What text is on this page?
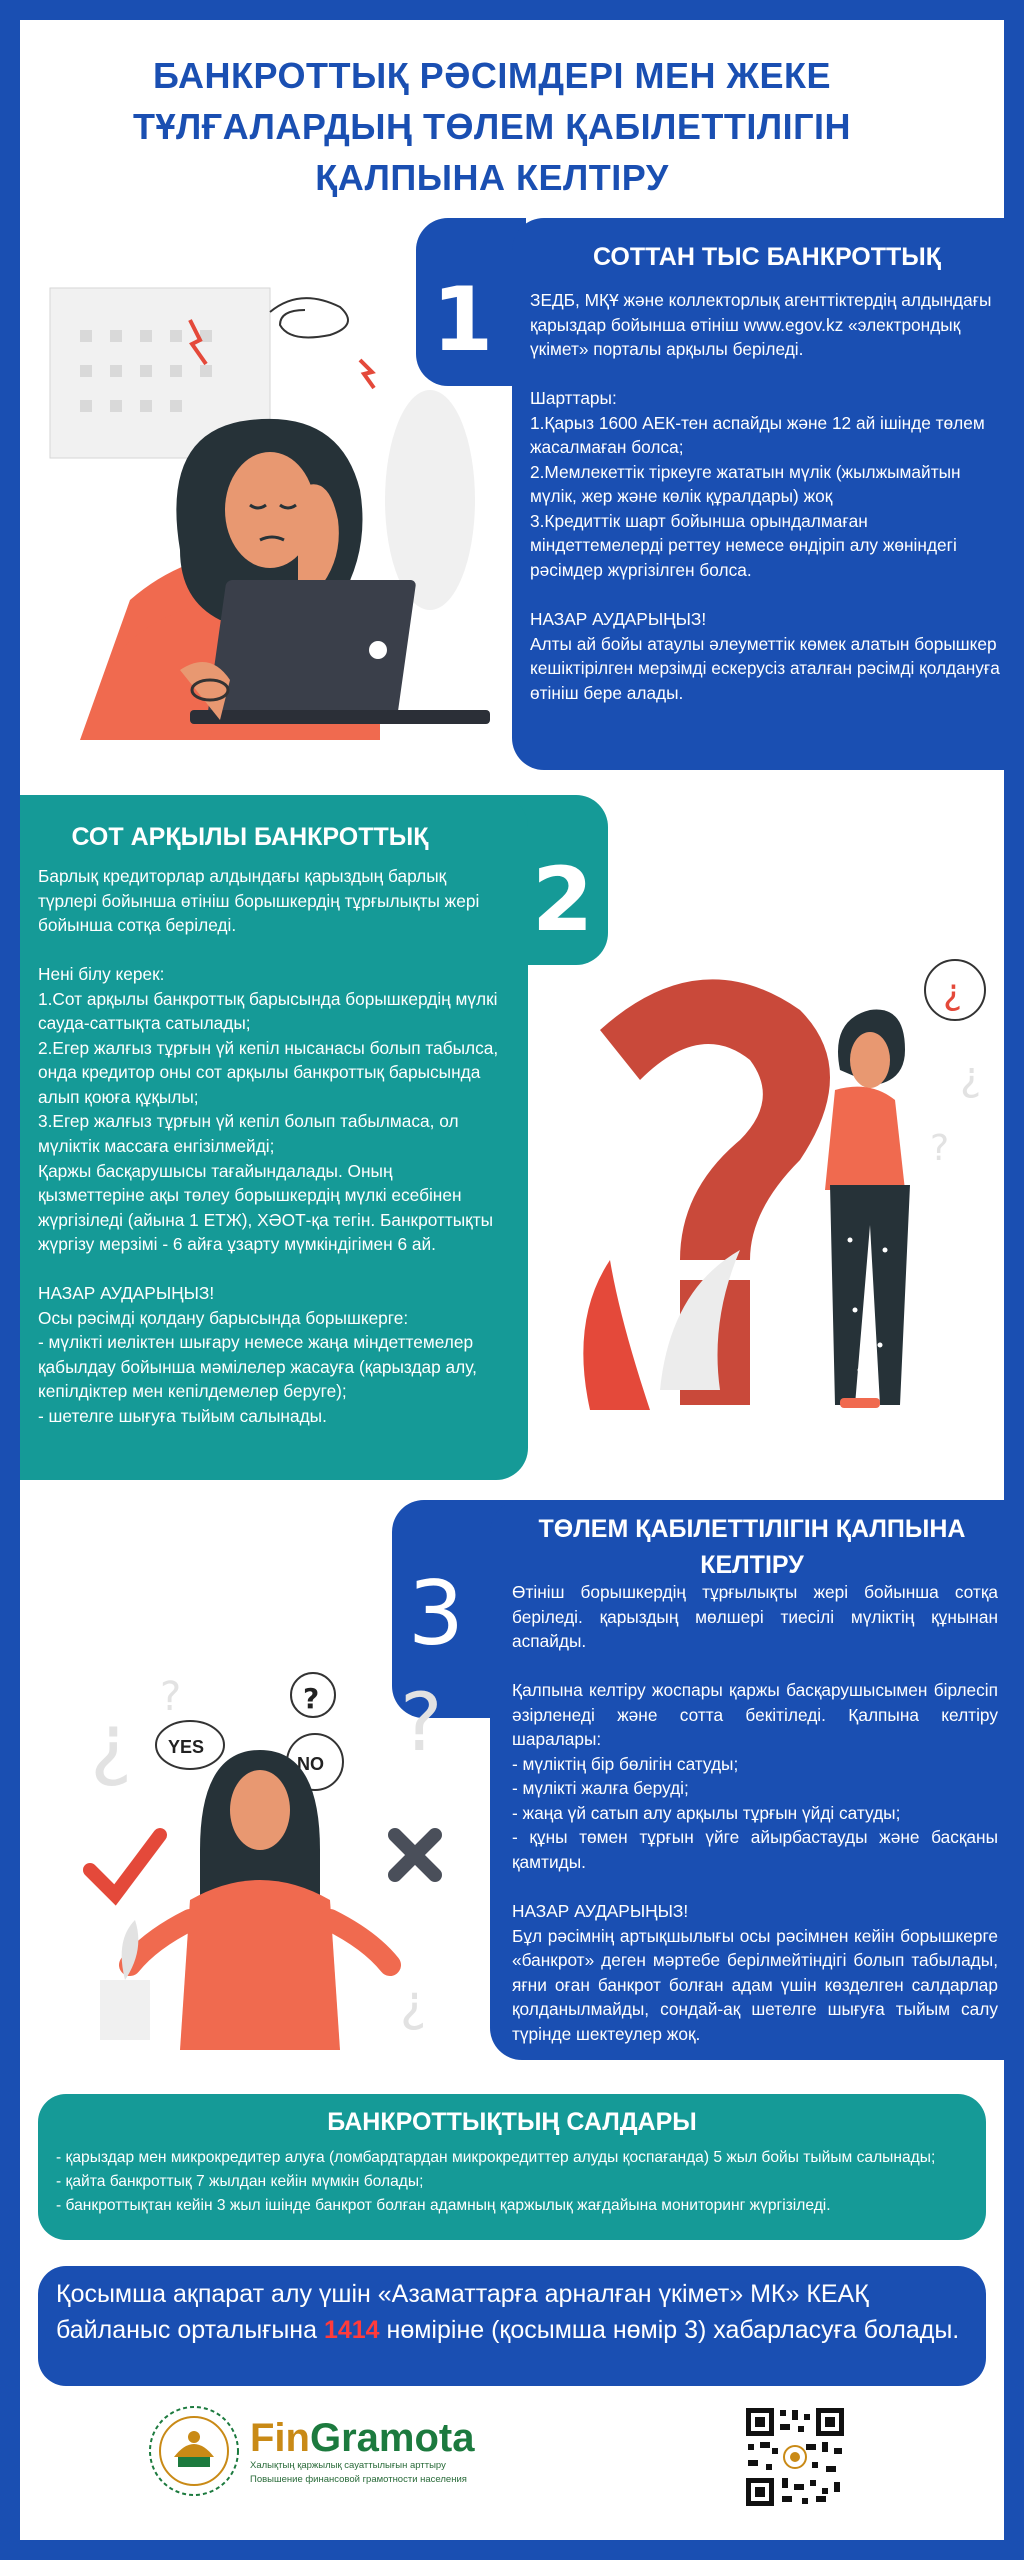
БАНКРОТТЫҚ РӘСІМДЕРІ МЕН ЖЕКЕ ТҰЛҒАЛАРДЫҢ ТӨЛЕМ ҚАБІЛЕТТІЛІГІН ҚАЛПЫНА КЕЛТІРУ
1
СОТТАН ТЫС БАНКРОТТЫҚ

ЗЕДБ, МҚҰ және коллекторлық агенттіктердің алдындағы қарыздар бойынша өтініш www.egov.kz «электрондық үкімет» порталы арқылы беріледі.

Шарттары:
1.Қарыз 1600 АЕК-тен аспайды және 12 ай ішінде төлем жасалмаған болса;
2.Мемлекеттік тіркеуге жататын мүлік (жылжымайтын мүлік, жер және көлік құралдары) жоқ
3.Кредиттік шарт бойынша орындалмаған міндеттемелерді реттеу немесе өндіріп алу жөніндегі рәсімдер жүргізілген болса.

НАЗАР АУДАРЫҢЫЗ!
Алты ай бойы атаулы әлеуметтік көмек алатын борышкер кешіктірілген мерзімді ескерусіз аталған рәсімді қолдануға өтініш бере алады.

2
СОТ АРҚЫЛЫ БАНКРОТТЫҚ

Барлық кредиторлар алдындағы қарыздың барлық түрлері бойынша өтініш борышкердің тұрғылықты жері бойынша сотқа беріледі.

Нені білу керек:
1.Сот арқылы банкроттық барысында борышкердің мүлкі сауда-саттықта сатылады;
2.Егер жалғыз тұрғын үй кепіл нысанасы болып табылса, онда кредитор оны сот арқылы банкроттық барысында алып қоюға құқылы;
3.Егер жалғыз тұрғын үй кепіл болып табылмаса, ол мүліктік массаға енгізілмейді;
Қаржы басқарушысы тағайындалады. Оның қызметтеріне ақы төлеу борышкердің мүлкі есебінен жүргізіледі (айына 1 ЕТЖ), ХӘОТ-қа тегін. Банкроттықты жүргізу мерзімі - 6 айға ұзарту мүмкіндігімен 6 ай.

НАЗАР АУДАРЫҢЫЗ!
Осы рәсімді қолдану барысында борышкерге:
- мүлікті иеліктен шығару немесе жаңа міндеттемелер қабылдау бойынша мәмілелер жасауға (қарыздар алу, кепілдіктер мен кепілдемелер беруге);
- шетелге шығуға тыйым салынады.

¿
¿
?
3
ТӨЛЕМ ҚАБІЛЕТТІЛІГІН ҚАЛПЫНА КЕЛТІРУ

Өтініш борышкердің тұрғылықты жері бойынша сотқа беріледі. қарыздың мөлшері тиесілі мүліктің құнынан аспайды.

Қалпына келтіру жоспары қаржы басқарушысымен бірлесіп әзірленеді және сотта бекітіледі. Қалпына келтіру шаралары:
- мүліктің бір бөлігін сатуды;
- мүлікті жалға беруді;
- жаңа үй сатып алу арқылы тұрғын үйді сатуды;
- құны төмен тұрғын үйге айырбастауды және басқаны қамтиды.

НАЗАР АУДАРЫҢЫЗ!
Бұл рәсімнің артықшылығы осы рәсімнен кейін борышкерге «банкрот» деген мәртебе берілмейтіндігі болып табылады, яғни оған банкрот болған адам үшін көзделген салдарлар қолданылмайды, сондай-ақ шетелге шығуға тыйым салу түрінде шектеулер жоқ.

¿ ?	?
¿
YES
NO
?
БАНКРОТТЫҚТЫҢ САЛДАРЫ

- қарыздар мен микрокредитер алуға (ломбардтардан микрокредиттер алуды қоспағанда) 5 жыл бойы тыйым салынады;
- қайта банкроттық 7 жылдан кейін мүмкін болады;
- банкроттықтан кейін 3 жыл ішінде банкрот болған адамның қаржылық жағдайына мониторинг жүргізіледі.

Қосымша ақпарат алу үшін «Азаматтарға арналған үкімет» МК» КЕАҚ байланыс орталығына 1414 нөміріне (қосымша нөмір 3) хабарласуға болады.

FinGramota
Халықтың қаржылық сауаттылығын арттыру
Повышение финансовой грамотности населения
